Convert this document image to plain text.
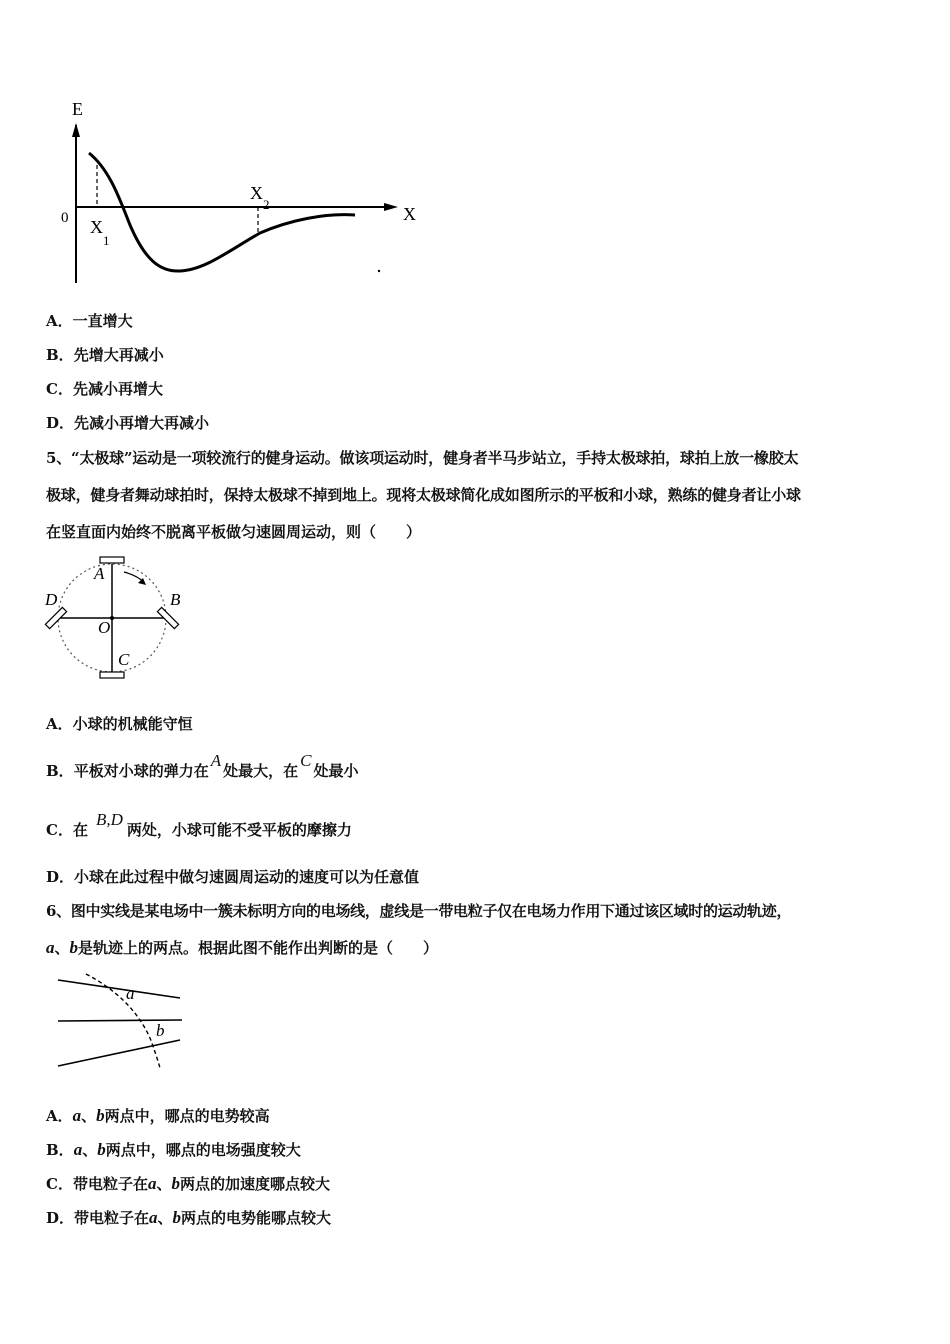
E
X
0 X
1
X
2
A．一直增大
B．先增大再减小
C．先减小再增大
D．先减小再增大再减小
5、“太极球”运动是一项较流行的健身运动。做该项运动时，健身者半马步站立，手持太极球拍，球拍上放一橡胶太
极球，健身者舞动球拍时，保持太极球不掉到地上。现将太极球简化成如图所示的平板和小球，熟练的健身者让小球
在竖直面内始终不脱离平板做匀速圆周运动，则（　　）
A
B
C
D
O
A．小球的机械能守恒
B．平板对小球的弹力在A处最大，在C处最小
C．在B,D两处，小球可能不受平板的摩擦力
D．小球在此过程中做匀速圆周运动的速度可以为任意值
6、图中实线是某电场中一簇未标明方向的电场线，虚线是一带电粒子仅在电场力作用下通过该区域时的运动轨迹，
a、b是轨迹上的两点。根据此图不能作出判断的是（　　）
a
b
A．a、b两点中，哪点的电势较高
B．a、b两点中，哪点的电场强度较大
C．带电粒子在a、b两点的加速度哪点较大
D．带电粒子在a、b两点的电势能哪点较大
